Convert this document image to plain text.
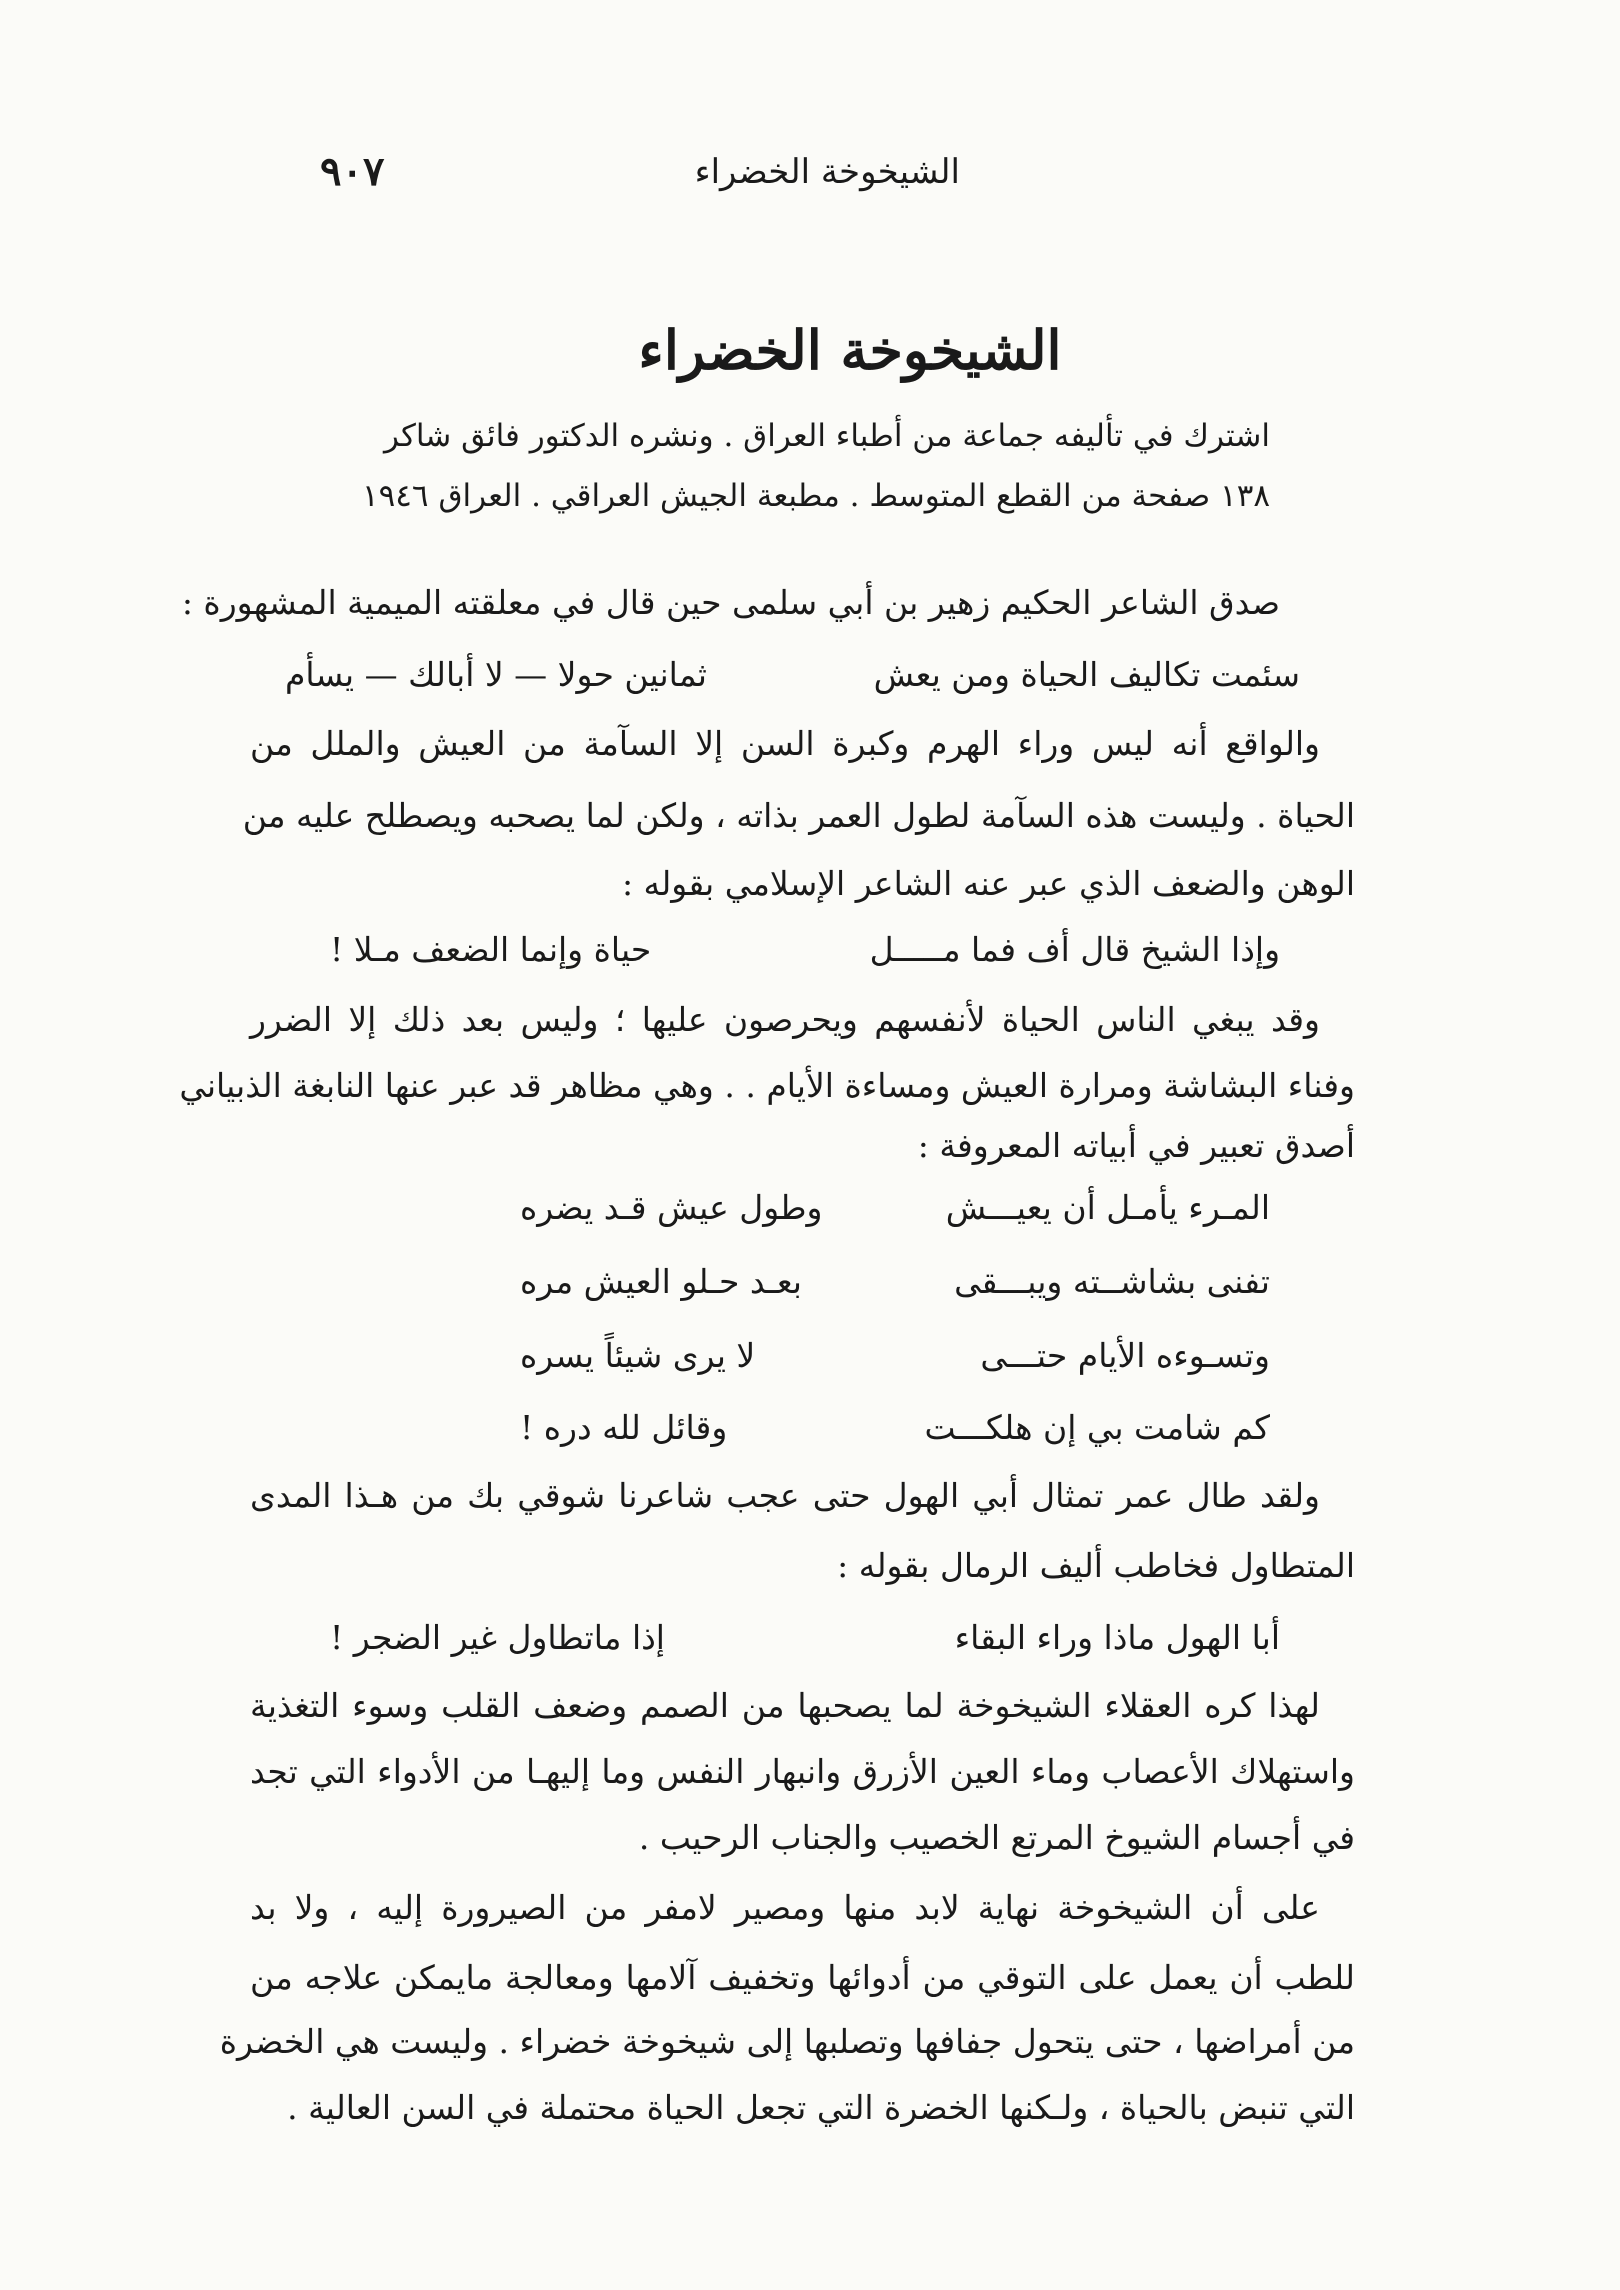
الشيخوخة الخضراء
٩٠٧
الشيخوخة الخضراء
اشترك في تأليفه جماعة من أطباء العراق . ونشره الدكتور فائق شاكر
١٣٨ صفحة من القطع المتوسط . مطبعة الجيش العراقي . العراق ١٩٤٦
صدق الشاعر الحكيم زهير بن أبي سلمى حين قال في معلقته الميمية المشهورة :
سئمت تكاليف الحياة ومن يعش
ثمانين حولا — لا أبالك — يسأم
والواقع أنه ليس وراء الهرم وكبرة السن إلا السآمة من العيش والملل من
الحياة . وليست هذه السآمة لطول العمر بذاته ، ولكن لما يصحبه ويصطلح عليه من
الوهن والضعف الذي عبر عنه الشاعر الإسلامي بقوله :
وإذا الشيخ قال أف فما مـــــل
حياة وإنما الضعف مـلا !
وقد يبغي الناس الحياة لأنفسهم ويحرصون عليها ؛ وليس بعد ذلك إلا الضرر
وفناء البشاشة ومرارة العيش ومساءة الأيام . . وهي مظاهر قد عبر عنها النابغة الذبياني
أصدق تعبير في أبياته المعروفة :
المـرء يأمـل أن يعيـــش
وطول عيش قـد يضره
تفنى بشاشــته ويبـــقى
بعـد حـلو العيش مره
وتسـوءه الأيام حتـــى
لا يرى شيئاً يسره
كم شامت بي إن هلكـــت
وقائل لله دره !
ولقد طال عمر تمثال أبي الهول حتى عجب شاعرنا شوقي بك من هـذا المدى
المتطاول فخاطب أليف الرمال بقوله :
أبا الهول ماذا وراء البقاء
إذا ماتطاول غير الضجر !
لهذا كره العقلاء الشيخوخة لما يصحبها من الصمم وضعف القلب وسوء التغذية
واستهلاك الأعصاب وماء العين الأزرق وانبهار النفس وما إليهـا من الأدواء التي تجد
في أجسام الشيوخ المرتع الخصيب والجناب الرحيب .
على أن الشيخوخة نهاية لابد منها ومصير لامفر من الصيرورة إليه ، ولا بد
للطب أن يعمل على التوقي من أدوائها وتخفيف آلامها ومعالجة مايمكن علاجه من
من أمراضها ، حتى يتحول جفافها وتصلبها إلى شيخوخة خضراء . وليست هي الخضرة
التي تنبض بالحياة ، ولـكنها الخضرة التي تجعل الحياة محتملة في السن العالية .
